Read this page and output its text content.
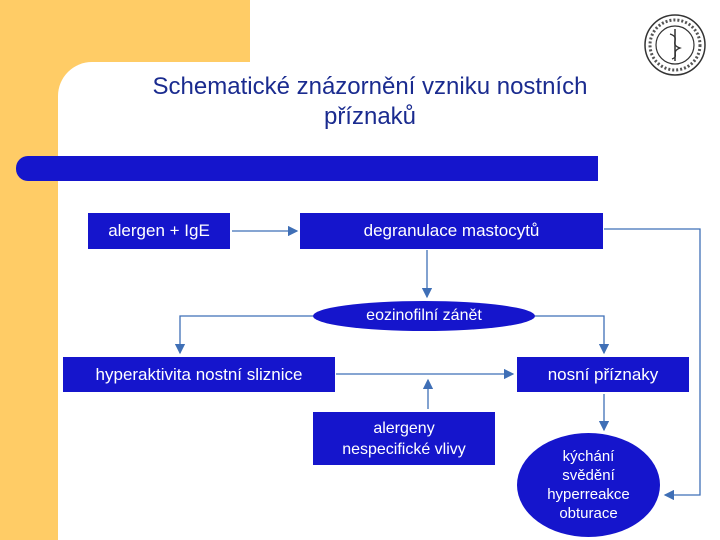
Schematické znázornění vzniku nostních
příznaků
alergen + IgE	degranulace mastocytů
eozinofilní zánět
hyperaktivita nostní sliznice	nosní příznaky
alergeny
nespecifické vlivy	kýchání
svědění
hyperreakce
obturace
